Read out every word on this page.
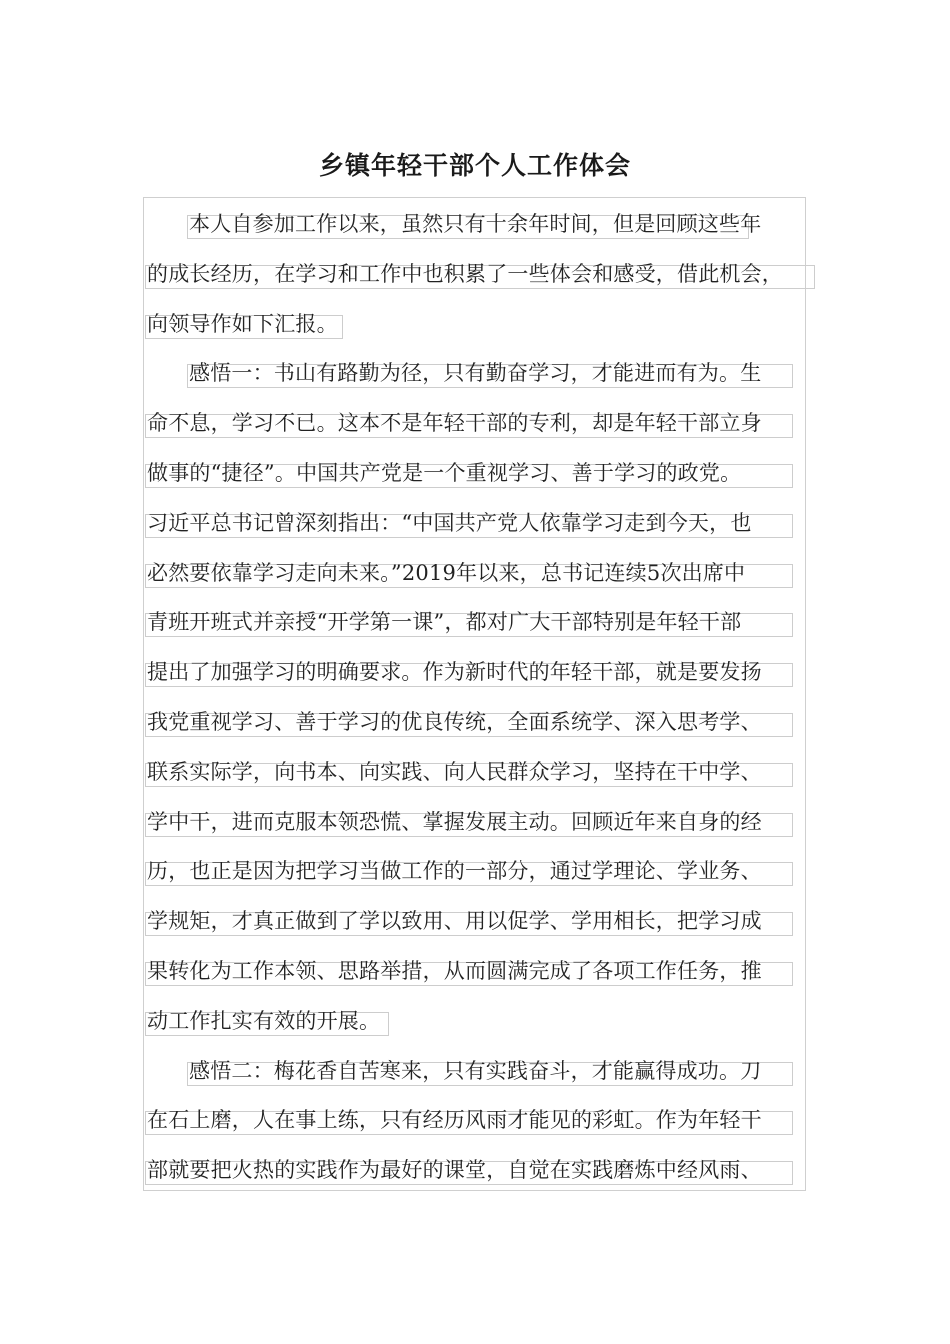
乡镇年轻干部个人工作体会
本人自参加工作以来，虽然只有十余年时间，但是回顾这些年
的成长经历，在学习和工作中也积累了一些体会和感受，借此机会，
向领导作如下汇报。
感悟一：书山有路勤为径，只有勤奋学习，才能进而有为。生
命不息，学习不已。这本不是年轻干部的专利，却是年轻干部立身
做事的“捷径”。中国共产党是一个重视学习、善于学习的政党。
习近平总书记曾深刻指出：“中国共产党人依靠学习走到今天，也
必然要依靠学习走向未来。”2019年以来，总书记连续5次出席中
青班开班式并亲授“开学第一课”，都对广大干部特别是年轻干部
提出了加强学习的明确要求。作为新时代的年轻干部，就是要发扬
我党重视学习、善于学习的优良传统，全面系统学、深入思考学、
联系实际学，向书本、向实践、向人民群众学习，坚持在干中学、
学中干，进而克服本领恐慌、掌握发展主动。回顾近年来自身的经
历，也正是因为把学习当做工作的一部分，通过学理论、学业务、
学规矩，才真正做到了学以致用、用以促学、学用相长，把学习成
果转化为工作本领、思路举措，从而圆满完成了各项工作任务，推
动工作扎实有效的开展。
感悟二：梅花香自苦寒来，只有实践奋斗，才能赢得成功。刀
在石上磨，人在事上练，只有经历风雨才能见的彩虹。作为年轻干
部就要把火热的实践作为最好的课堂，自觉在实践磨炼中经风雨、
